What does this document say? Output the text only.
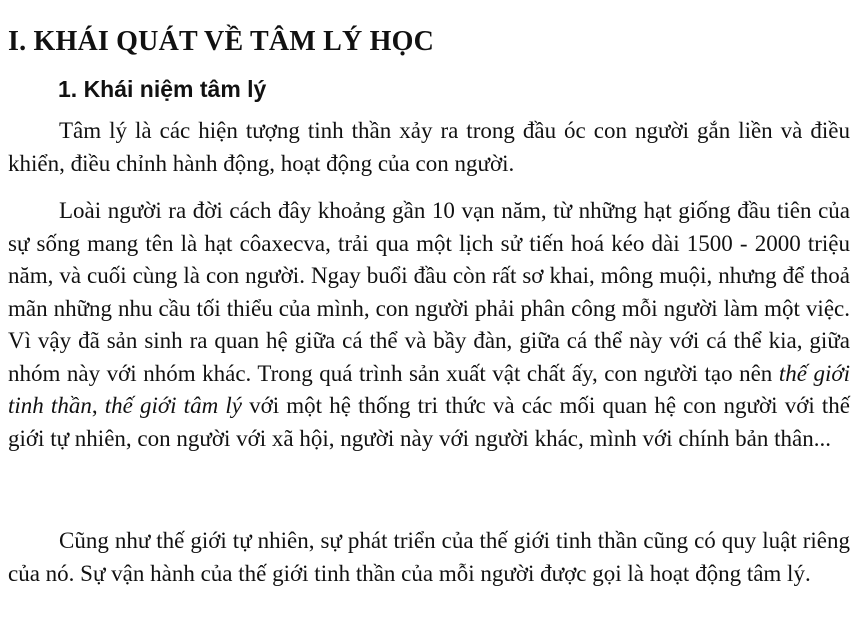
I. KHÁI QUÁT VỀ TÂM LÝ HỌC
1. Khái niệm tâm lý

Tâm lý là các hiện tượng tinh thần xảy ra trong đầu óc con người gắn liền và điều khiển, điều chỉnh hành động, hoạt động của con người.

Loài người ra đời cách đây khoảng gần 10 vạn năm, từ những hạt giống đầu tiên của sự sống mang tên là hạt côaxecva, trải qua một lịch sử tiến hoá kéo dài 1500 - 2000 triệu năm, và cuối cùng là con người. Ngay buổi đầu còn rất sơ khai, mông muội, nhưng để thoả mãn những nhu cầu tối thiểu của mình, con người phải phân công mỗi người làm một việc. Vì vậy đã sản sinh ra quan hệ giữa cá thể và bầy đàn, giữa cá thể này với cá thể kia, giữa nhóm này với nhóm khác. Trong quá trình sản xuất vật chất ấy, con người tạo nên thế giới tinh thần, thế giới tâm lý với một hệ thống tri thức và các mối quan hệ con người với thế giới tự nhiên, con người với xã hội, người này với người khác, mình với chính bản thân...

Cũng như thế giới tự nhiên, sự phát triển của thế giới tinh thần cũng có quy luật riêng của nó. Sự vận hành của thế giới tinh thần của mỗi người được gọi là hoạt động tâm lý.
